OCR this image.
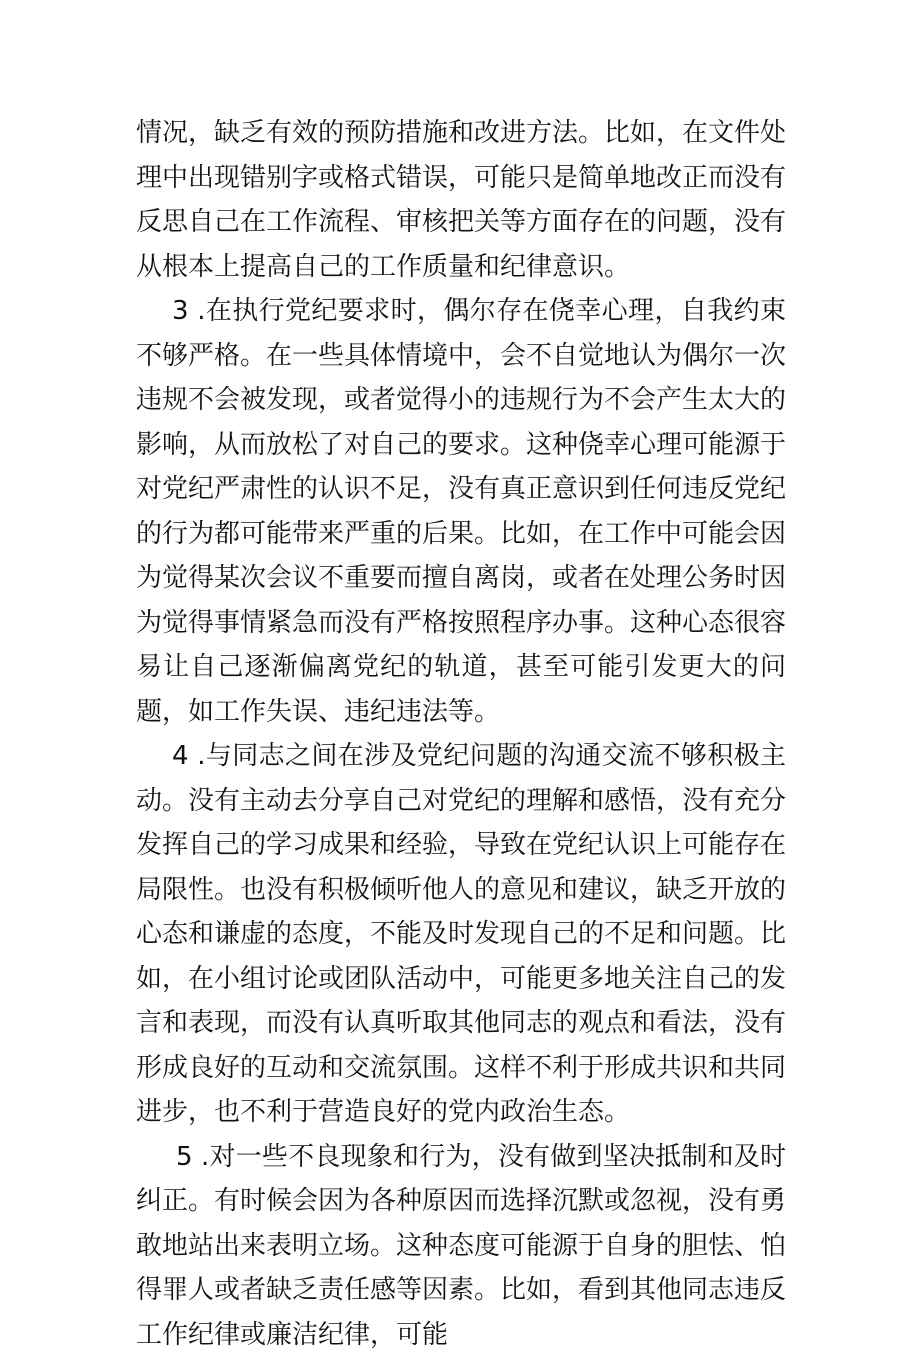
情况，缺乏有效的预防措施和改进方法。比如，在文件处理中出现错别字或格式错误，可能只是简单地改正而没有反思自己在工作流程、审核把关等方面存在的问题，没有从根本上提高自己的工作质量和纪律意识。

3 .在执行党纪要求时，偶尔存在侥幸心理，自我约束不够严格。在一些具体情境中，会不自觉地认为偶尔一次违规不会被发现，或者觉得小的违规行为不会产生太大的影响，从而放松了对自己的要求。这种侥幸心理可能源于对党纪严肃性的认识不足，没有真正意识到任何违反党纪的行为都可能带来严重的后果。比如，在工作中可能会因为觉得某次会议不重要而擅自离岗，或者在处理公务时因为觉得事情紧急而没有严格按照程序办事。这种心态很容易让自己逐渐偏离党纪的轨道，甚至可能引发更大的问题，如工作失误、违纪违法等。

4 .与同志之间在涉及党纪问题的沟通交流不够积极主动。没有主动去分享自己对党纪的理解和感悟，没有充分发挥自己的学习成果和经验，导致在党纪认识上可能存在局限性。也没有积极倾听他人的意见和建议，缺乏开放的心态和谦虚的态度，不能及时发现自己的不足和问题。比如，在小组讨论或团队活动中，可能更多地关注自己的发言和表现，而没有认真听取其他同志的观点和看法，没有形成良好的互动和交流氛围。这样不利于形成共识和共同进步，也不利于营造良好的党内政治生态。

5 .对一些不良现象和行为，没有做到坚决抵制和及时纠正。有时候会因为各种原因而选择沉默或忽视，没有勇敢地站出来表明立场。这种态度可能源于自身的胆怯、怕得罪人或者缺乏责任感等因素。比如，看到其他同志违反工作纪律或廉洁纪律，可能
